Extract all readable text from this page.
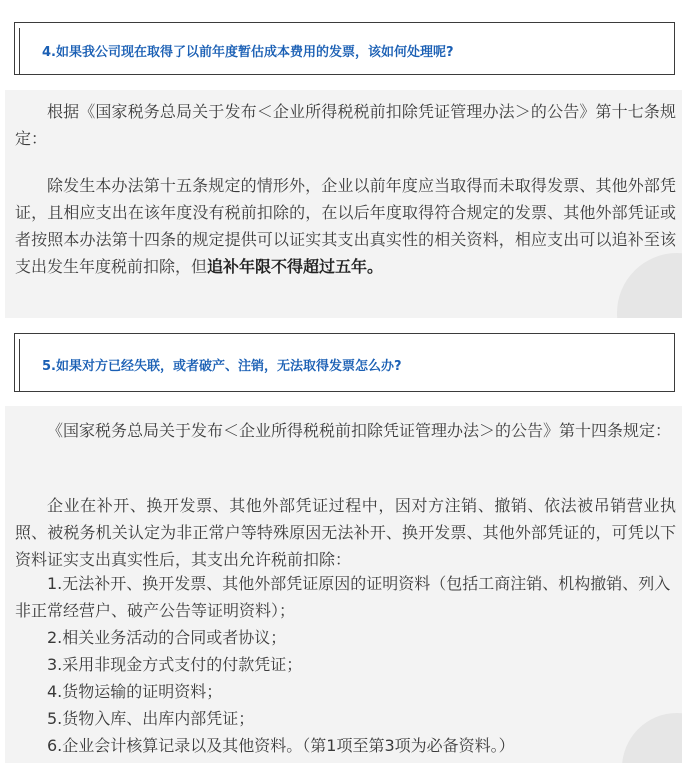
4.如果我公司现在取得了以前年度暂估成本费用的发票，该如何处理呢?

根据《国家税务总局关于发布＜企业所得税税前扣除凭证管理办法＞的公告》第十七条规定：

除发生本办法第十五条规定的情形外，企业以前年度应当取得而未取得发票、其他外部凭证，且相应支出在该年度没有税前扣除的，在以后年度取得符合规定的发票、其他外部凭证或者按照本办法第十四条的规定提供可以证实其支出真实性的相关资料，相应支出可以追补至该支出发生年度税前扣除，但追补年限不得超过五年。

5.如果对方已经失联，或者破产、注销，无法取得发票怎么办?

《国家税务总局关于发布＜企业所得税税前扣除凭证管理办法＞的公告》第十四条规定：

企业在补开、换开发票、其他外部凭证过程中，因对方注销、撤销、依法被吊销营业执照、被税务机关认定为非正常户等特殊原因无法补开、换开发票、其他外部凭证的，可凭以下资料证实支出真实性后，其支出允许税前扣除：

1.无法补开、换开发票、其他外部凭证原因的证明资料（包括工商注销、机构撤销、列入非正常经营户、破产公告等证明资料）；
2.相关业务活动的合同或者协议；
3.采用非现金方式支付的付款凭证；
4.货物运输的证明资料；
5.货物入库、出库内部凭证；
6.企业会计核算记录以及其他资料。（第1项至第3项为必备资料。）
